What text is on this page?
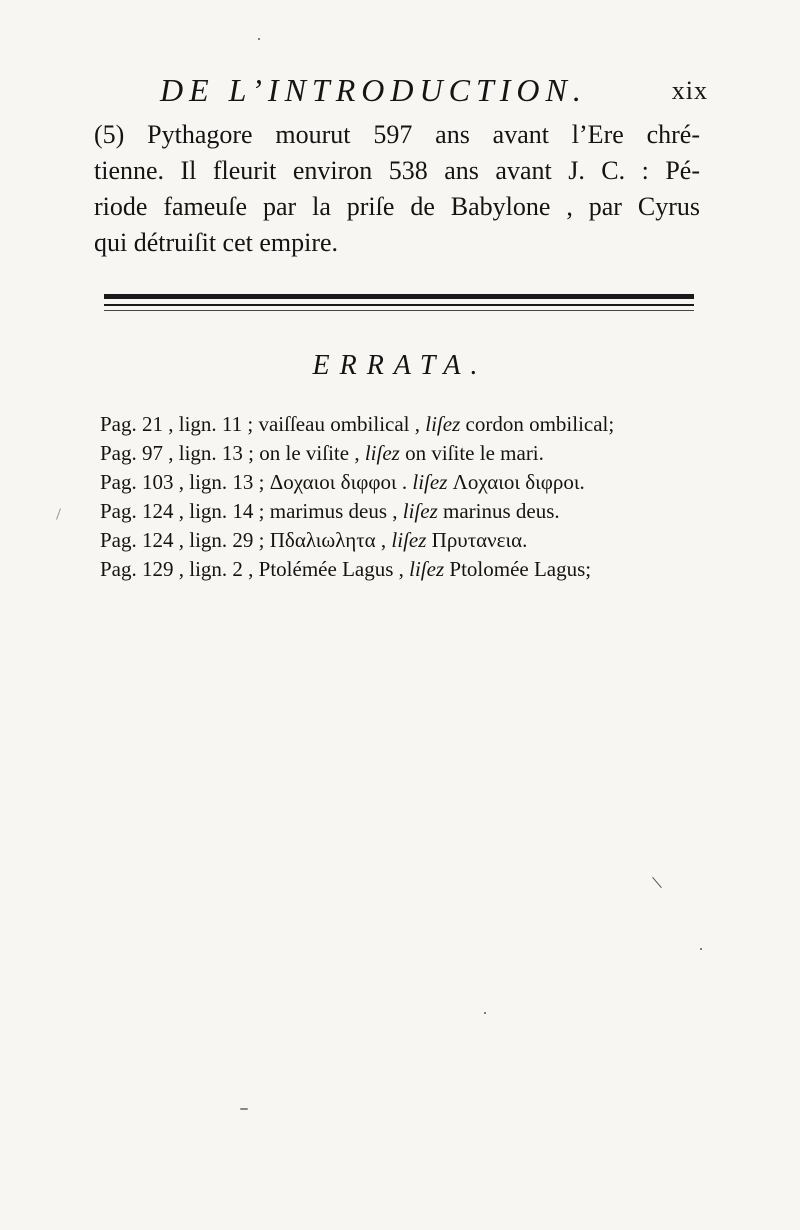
DE L’INTRODUCTION.	xix
(5) Pythagore mourut 597 ans avant l’Ere chré-
tienne. Il fleurit environ 538 ans avant J. C. : Pé-
riode fameuſe par la priſe de Babylone , par Cyrus
qui détruiſit cet empire.
ERRATA.
Pag. 21 , lign. 11 ; vaiſſeau ombilical , liſez cordon ombilical;
Pag. 97 , lign. 13 ; on le viſite , liſez on viſite le mari.
Pag. 103 , lign. 13 ; Δοχαιοι διφφοι . liſez Λοχαιοι διφροι.
Pag. 124 , lign. 14 ; marimus deus , liſez marinus deus.
Pag. 124 , lign. 29 ; Πδαλιωλητα , liſez Πρυτανεια.
Pag. 129 , lign. 2 , Ptolémée Lagus , liſez Ptolomée Lagus;
